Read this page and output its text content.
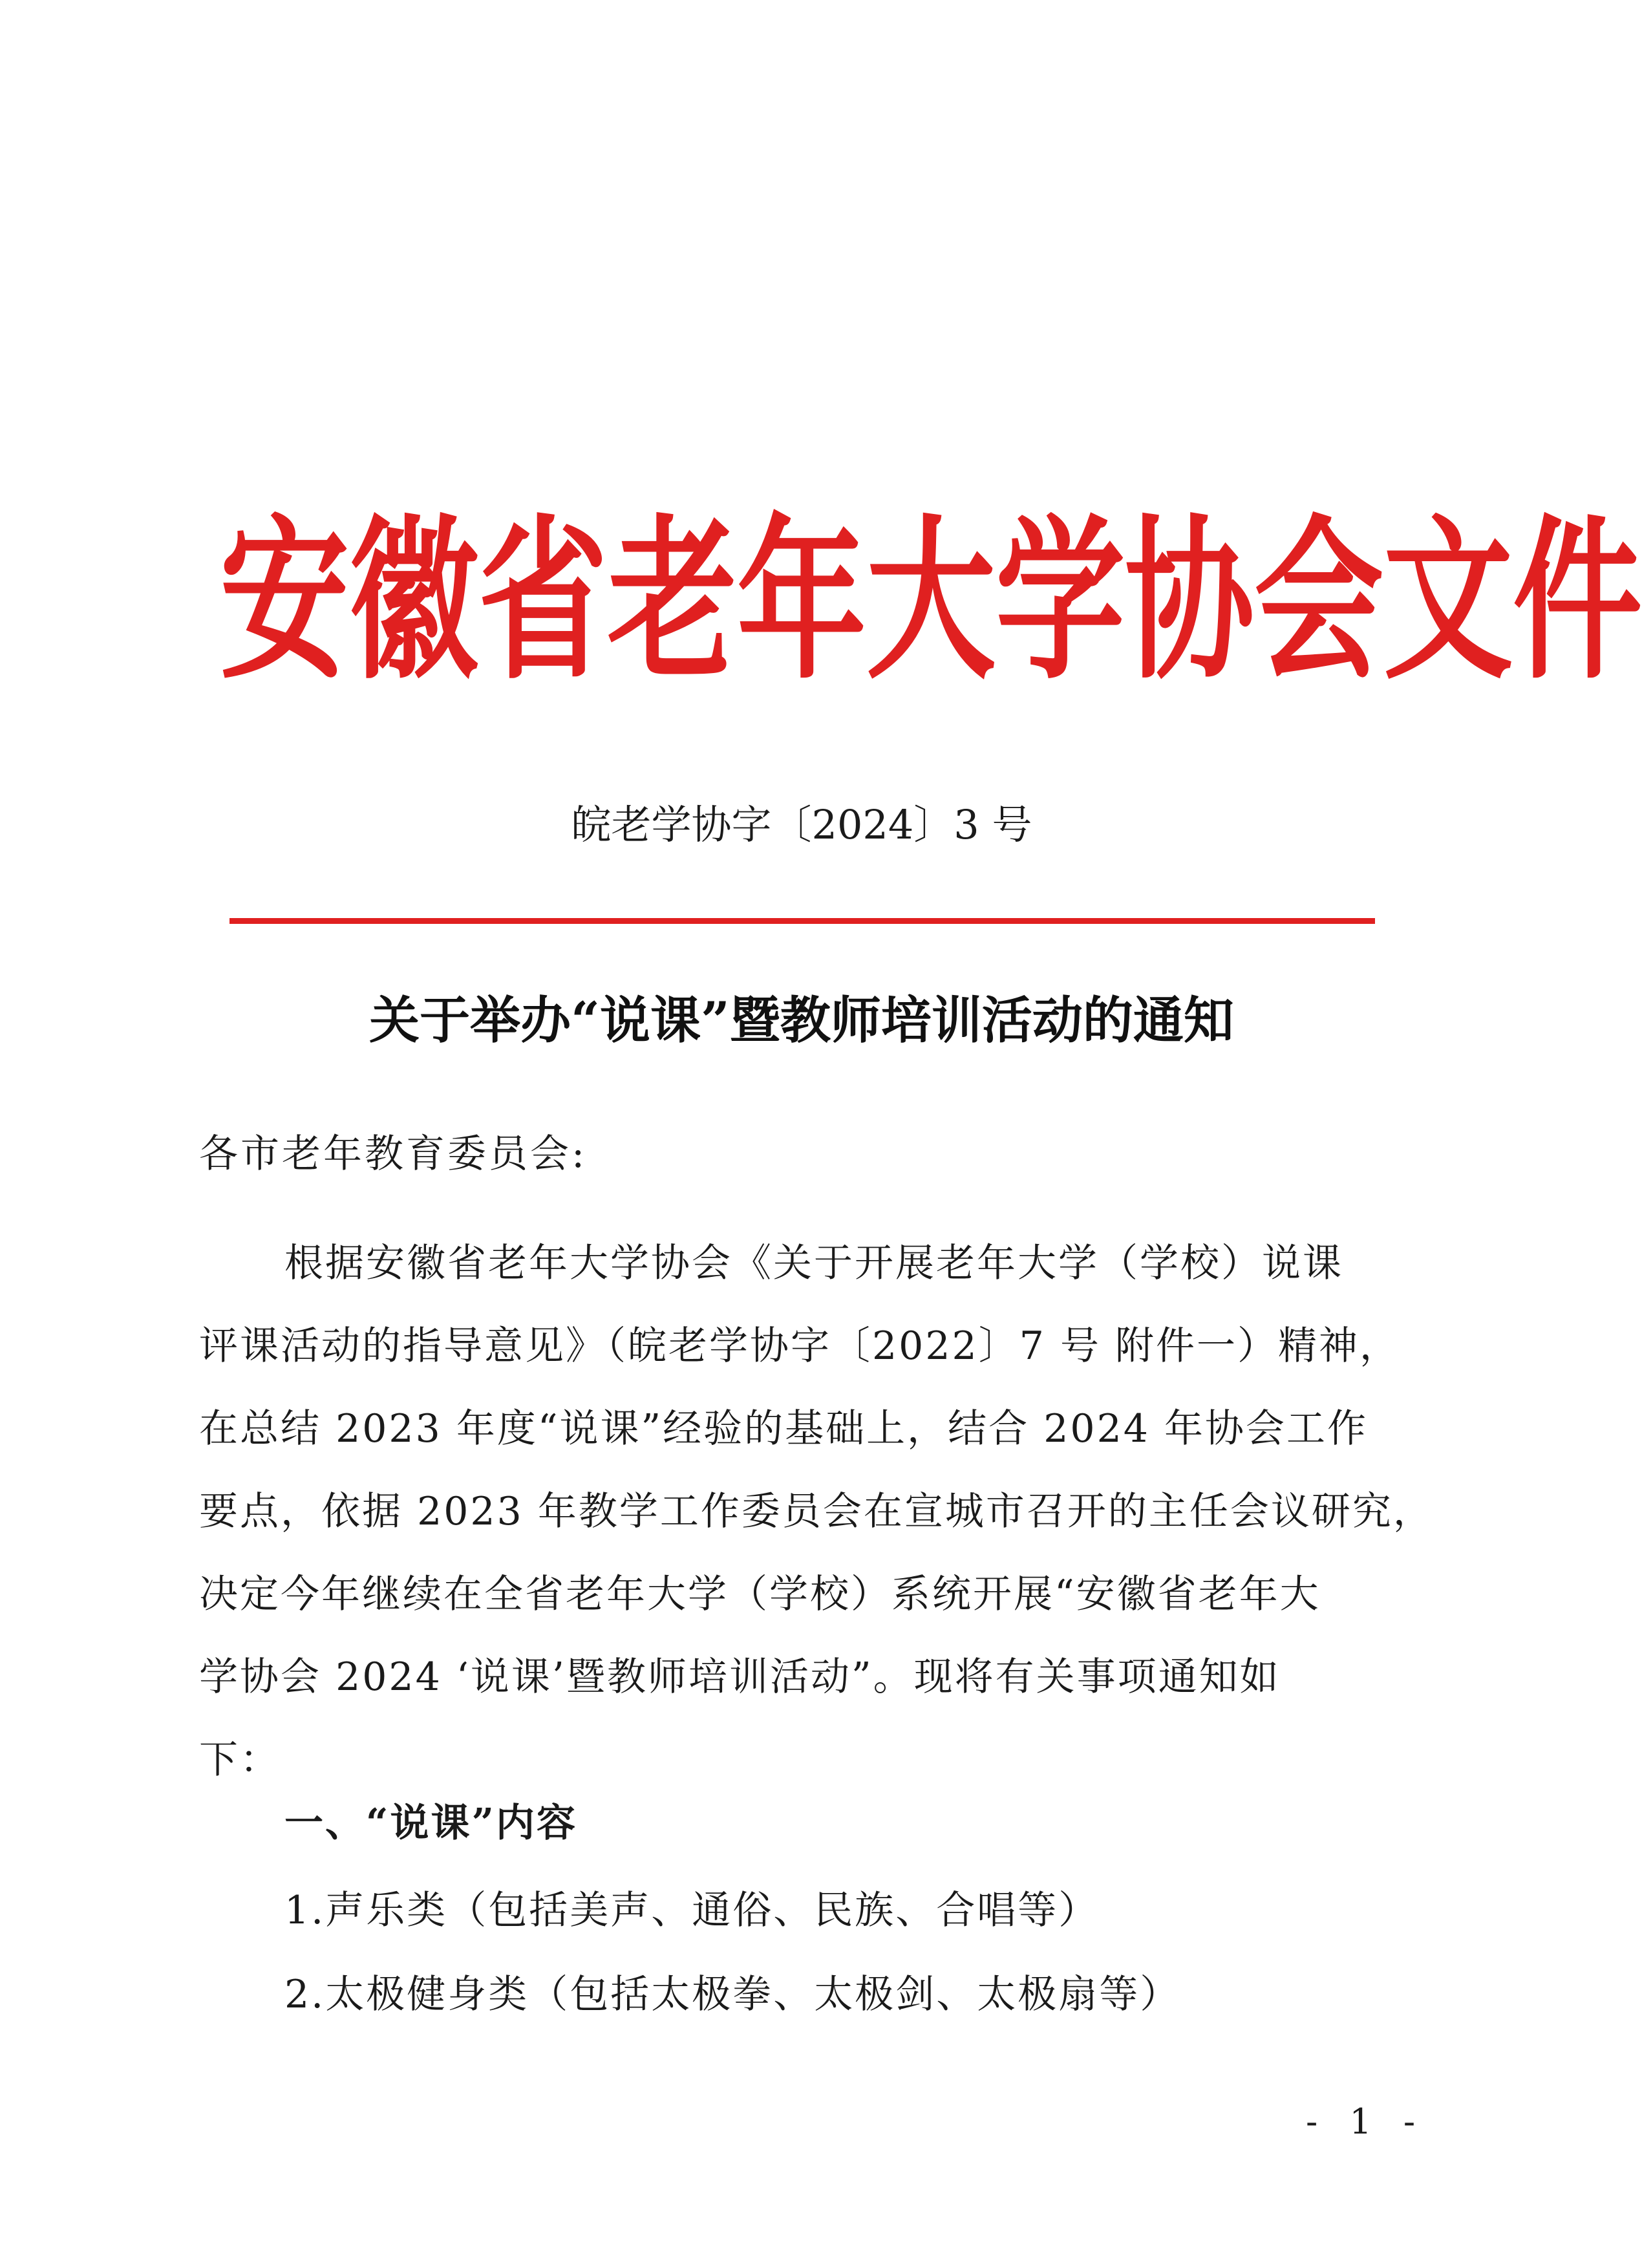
安 徽 省 老 年 大 学 协 会 文 件
皖老学协字〔2024〕3 号
关于举办“说课”暨教师培训活动的通知
各市老年教育委员会:
根据安徽省老年大学协会《关于开展老年大学（学校）说课
评课活动的指导意见》（皖老学协字〔2022〕7 号 附件一）精神，
在总结 2023 年度“说课”经验的基础上，结合 2024 年协会工作
要点，依据 2023 年教学工作委员会在宣城市召开的主任会议研究，
决定今年继续在全省老年大学（学校）系统开展“安徽省老年大
学协会 2024 ‘说课’暨教师培训活动”。现将有关事项通知如
下：
一、“说课”内容
1.声乐类（包括美声、通俗、民族、合唱等）
2.太极健身类（包括太极拳、太极剑、太极扇等）
- 1 -
